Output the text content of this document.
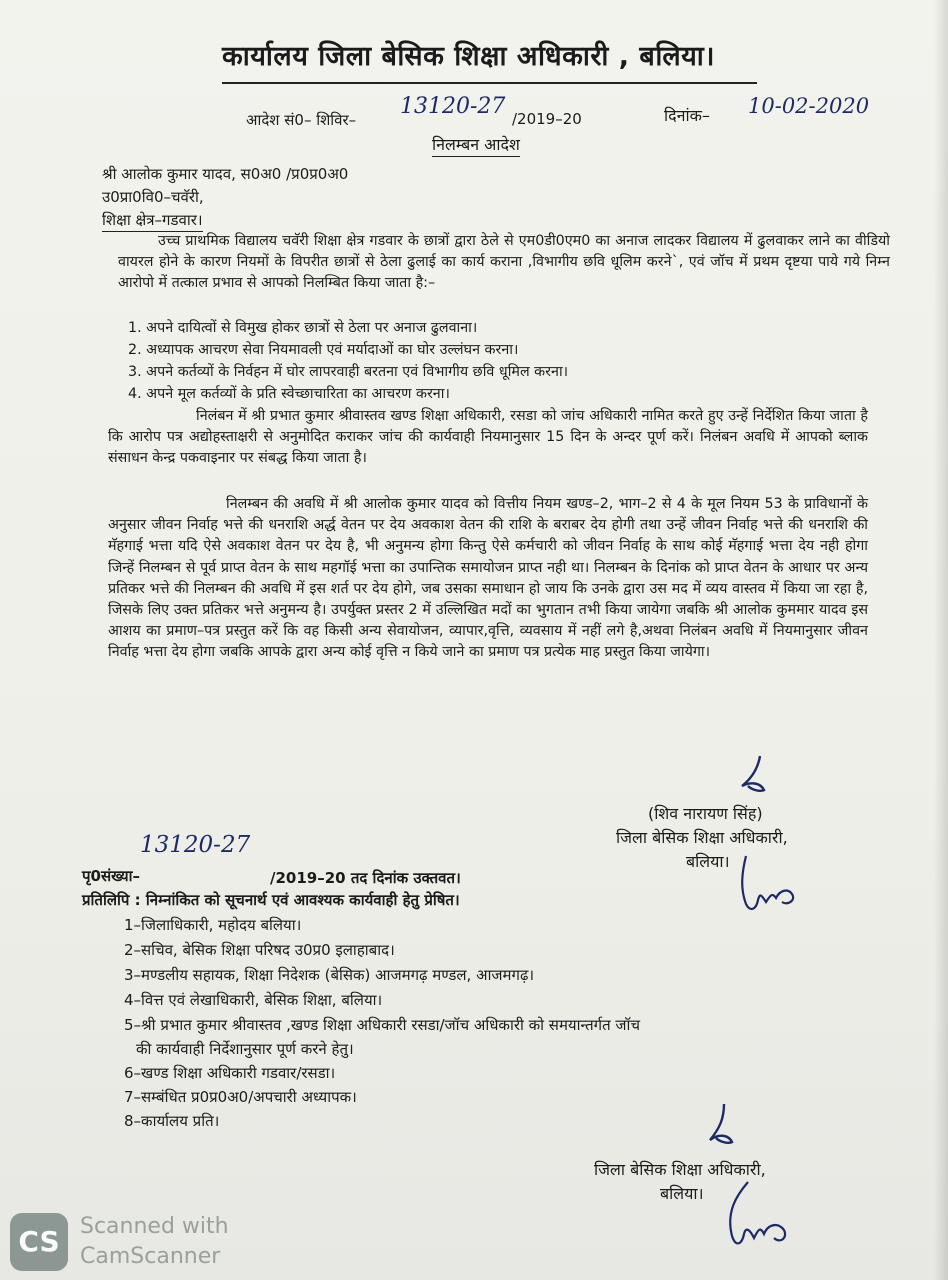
कार्यालय जिला बेसिक शिक्षा अधिकारी , बलिया।
आदेश सं0– शिविर–
13120-27 /2019–20	दिनांक– 10-02-2020
निलम्बन आदेश
श्री आलोक कुमार यादव, स0अ0 /प्र0प्र0अ0
उ0प्रा0वि0–चवॅरी,
शिक्षा क्षेत्र–गडवार।

उच्च प्राथमिक विद्यालय चवॅरी शिक्षा क्षेत्र गडवार के छात्रों द्वारा ठेले से एम0डी0एम0 का अनाज लादकर विद्यालय में ढुलवाकर लाने का वीडियो वायरल होने के कारण नियमों के विपरीत छात्रों से ठेला ढुलाई का कार्य कराना ,विभागीय छवि धूलिम करने`, एवं जॉच में प्रथम दृष्टया पाये गये निम्न आरोपो में तत्काल प्रभाव से आपको निलम्बित किया जाता है:–

1. अपने दायित्वों से विमुख होकर छात्रों से ठेला पर अनाज ढुलवाना।
2. अध्यापक आचरण सेवा नियमावली एवं मर्यादाओं का घोर उल्लंघन करना।
3. अपने कर्तव्यों के निर्वहन में घोर लापरवाही बरतना एवं विभागीय छवि धूमिल करना।
4. अपने मूल कर्तव्यों के प्रति स्वेच्छाचारिता का आचरण करना।

निलंबन में श्री प्रभात कुमार श्रीवास्तव खण्ड शिक्षा अधिकारी, रसडा को जांच अधिकारी नामित करते हुए उन्हें निर्देशित किया जाता है कि आरोप पत्र अद्योहस्ताक्षरी से अनुमोदित कराकर जांच की कार्यवाही नियमानुसार 15 दिन के अन्दर पूर्ण करें। निलंबन अवधि में आपको ब्लाक संसाधन केन्द्र पकवाइनार पर संबद्ध किया जाता है।

निलम्बन की अवधि में श्री आलोक कुमार यादव को वित्तीय नियम खण्ड–2, भाग–2 से 4 के मूल नियम 53 के प्राविधानों के अनुसार जीवन निर्वाह भत्ते की धनराशि अर्द्ध वेतन पर देय अवकाश वेतन की राशि के बराबर देय होगी तथा उन्हें जीवन निर्वाह भत्ते की धनराशि की मॅहगाई भत्ता यदि ऐसे अवकाश वेतन पर देय है, भी अनुमन्य होगा किन्तु ऐसे कर्मचारी को जीवन निर्वाह के साथ कोई मॅहगाई भत्ता देय नही होगा जिन्हें निलम्बन से पूर्व प्राप्त वेतन के साथ महगॉई भत्ता का उपान्तिक समायोजन प्राप्त नही था। निलम्बन के दिनांक को प्राप्त वेतन के आधार पर अन्य प्रतिकर भत्ते की निलम्बन की अवधि में इस शर्त पर देय होगे, जब उसका समाधान हो जाय कि उनके द्वारा उस मद में व्यय वास्तव में किया जा रहा है, जिसके लिए उक्त प्रतिकर भत्ते अनुमन्य है। उपर्युक्त प्रस्तर 2 में उल्लिखित मदों का भुगतान तभी किया जायेगा जबकि श्री आलोक कुममार यादव इस आशय का प्रमाण–पत्र प्रस्तुत करें कि वह किसी अन्य सेवायोजन, व्यापार,वृत्ति, व्यवसाय में नहीं लगे है,अथवा निलंबन अवधि में नियमानुसार जीवन निर्वाह भत्ता देय होगा जबकि आपके द्वारा अन्य कोई वृत्ति न किये जाने का प्रमाण पत्र प्रत्येक माह प्रस्तुत किया जायेगा।

(शिव नारायण सिंह)
जिला बेसिक शिक्षा अधिकारी,
बलिया।
13120-27
पृ0संख्या–	/2019–20 तद दिनांक उक्तवत।
प्रतिलिपि : निम्नांकित को सूचनार्थ एवं आवश्यक कार्यवाही हेतु प्रेषित।
1–जिलाधिकारी, महोदय बलिया।
2–सचिव, बेसिक शिक्षा परिषद उ0प्र0 इलाहाबाद।
3–मण्डलीय सहायक, शिक्षा निदेशक (बेसिक) आजमगढ़ मण्डल, आजमगढ़।
4–वित्त एवं लेखाधिकारी, बेसिक शिक्षा, बलिया।
5–श्री प्रभात कुमार श्रीवास्तव ,खण्ड शिक्षा अधिकारी रसडा/जॉच अधिकारी को समयान्तर्गत जॉच
की कार्यवाही निर्देशानुसार पूर्ण करने हेतु।
6–खण्ड शिक्षा अधिकारी गडवार/रसडा।
7–सम्बंधित प्र0प्र0अ0/अपचारी अध्यापक।
8–कार्यालय प्रति।
जिला बेसिक शिक्षा अधिकारी,
बलिया।
CS Scanned with
CamScanner
